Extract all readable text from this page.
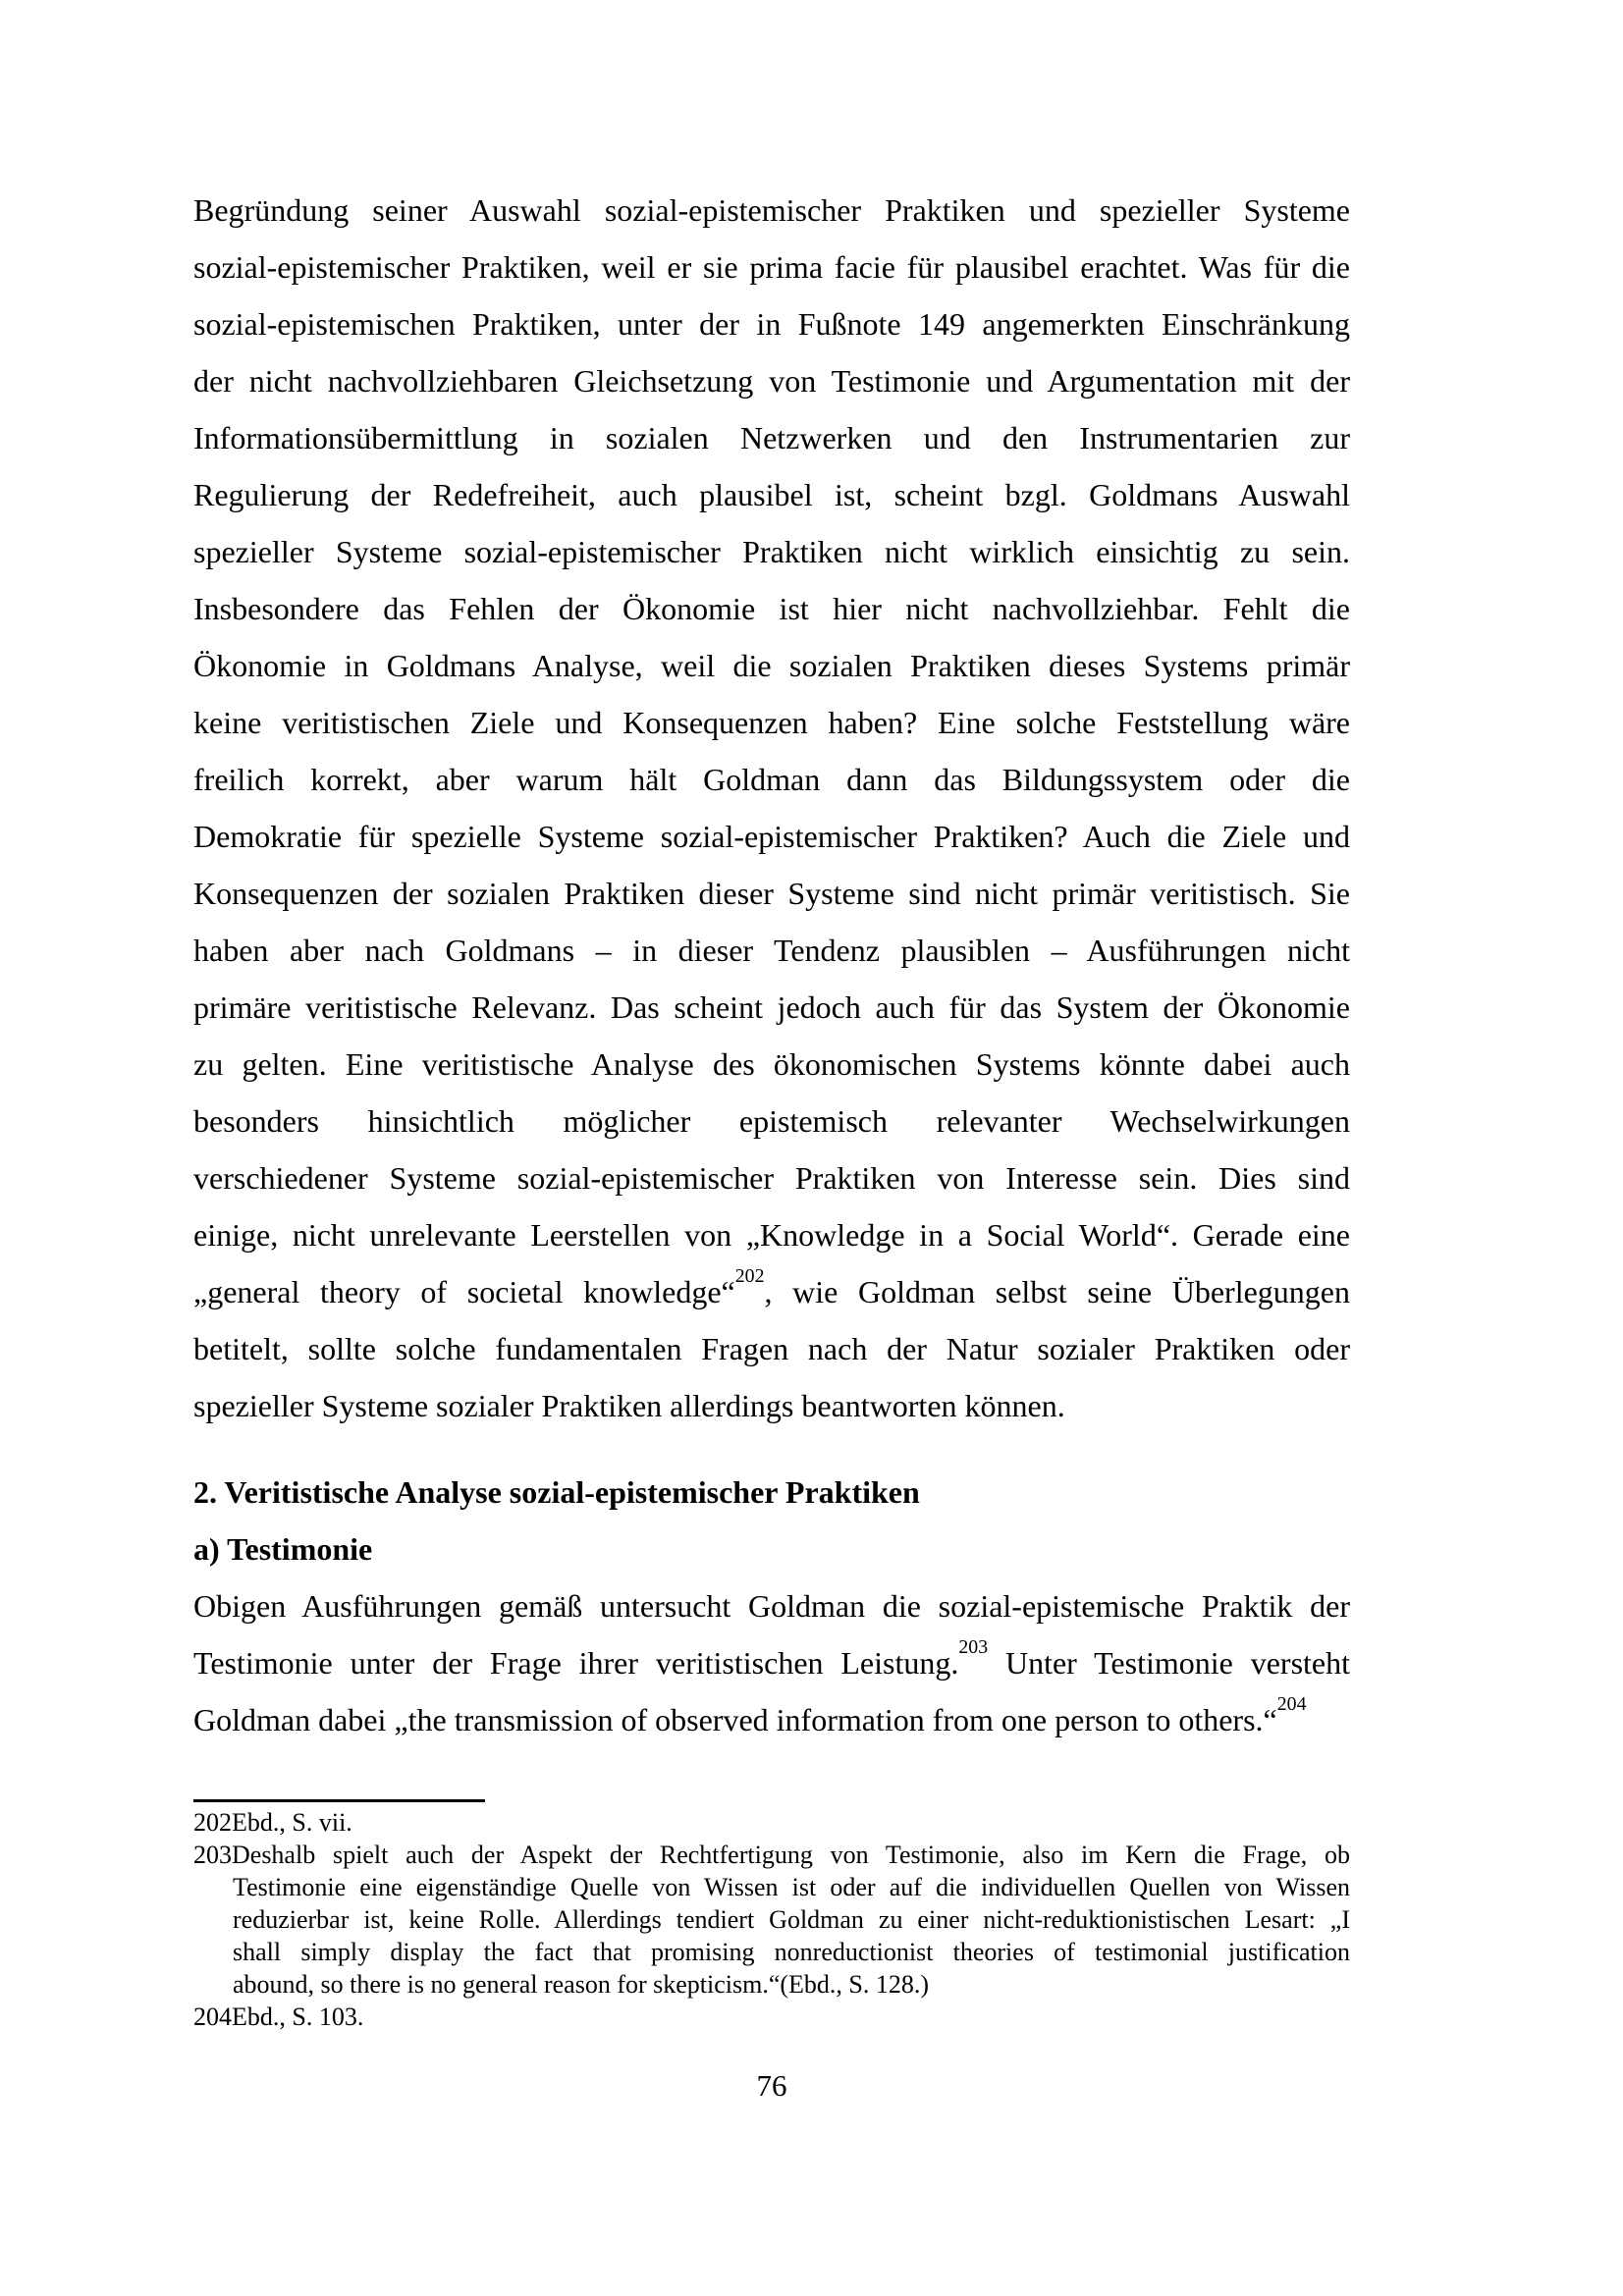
Begründung seiner Auswahl sozial-epistemischer Praktiken und spezieller Systeme
sozial-epistemischer Praktiken, weil er sie prima facie für plausibel erachtet. Was für die
sozial-epistemischen Praktiken, unter der in Fußnote 149 angemerkten Einschränkung
der nicht nachvollziehbaren Gleichsetzung von Testimonie und Argumentation mit der
Informationsübermittlung in sozialen Netzwerken und den Instrumentarien zur
Regulierung der Redefreiheit, auch plausibel ist, scheint bzgl. Goldmans Auswahl
spezieller Systeme sozial-epistemischer Praktiken nicht wirklich einsichtig zu sein.
Insbesondere das Fehlen der Ökonomie ist hier nicht nachvollziehbar. Fehlt die
Ökonomie in Goldmans Analyse, weil die sozialen Praktiken dieses Systems primär
keine veritistischen Ziele und Konsequenzen haben? Eine solche Feststellung wäre
freilich korrekt, aber warum hält Goldman dann das Bildungssystem oder die
Demokratie für spezielle Systeme sozial-epistemischer Praktiken? Auch die Ziele und
Konsequenzen der sozialen Praktiken dieser Systeme sind nicht primär veritistisch. Sie
haben aber nach Goldmans – in dieser Tendenz plausiblen – Ausführungen nicht
primäre veritistische Relevanz. Das scheint jedoch auch für das System der Ökonomie
zu gelten. Eine veritistische Analyse des ökonomischen Systems könnte dabei auch
besonders hinsichtlich möglicher epistemisch relevanter Wechselwirkungen
verschiedener Systeme sozial-epistemischer Praktiken von Interesse sein. Dies sind
einige, nicht unrelevante Leerstellen von „Knowledge in a Social World“. Gerade eine
„general theory of societal knowledge“$^{202}$, wie Goldman selbst seine Überlegungen
betitelt, sollte solche fundamentalen Fragen nach der Natur sozialer Praktiken oder
spezieller Systeme sozialer Praktiken allerdings beantworten können.
2. Veritistische Analyse sozial-epistemischer Praktiken
a) Testimonie
Obigen Ausführungen gemäß untersucht Goldman die sozial-epistemische Praktik der
Testimonie unter der Frage ihrer veritistischen Leistung.$^{203}$ Unter Testimonie versteht
Goldman dabei „the transmission of observed information from one person to others.“$^{204}$
202Ebd., S. vii.
203Deshalb spielt auch der Aspekt der Rechtfertigung von Testimonie, also im Kern die Frage, ob
Testimonie eine eigenständige Quelle von Wissen ist oder auf die individuellen Quellen von Wissen
reduzierbar ist, keine Rolle. Allerdings tendiert Goldman zu einer nicht-reduktionistischen Lesart: „I
shall simply display the fact that promising nonreductionist theories of testimonial justification
abound, so there is no general reason for skepticism.“(Ebd., S. 128.)
204Ebd., S. 103.
76
